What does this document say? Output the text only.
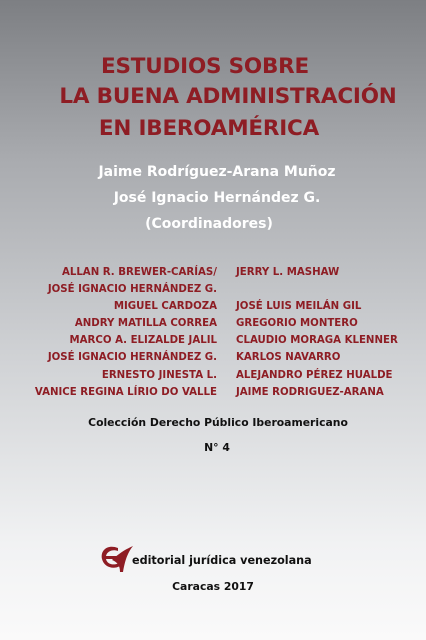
ESTUDIOS SOBRE
LA BUENA ADMINISTRACIÓN
EN IBEROAMÉRICA
Jaime Rodríguez-Arana Muñoz
José Ignacio Hernández G.
(Coordinadores)
ALLAN R. BREWER-CARÍAS/
JOSÉ IGNACIO HERNÁNDEZ G.
MIGUEL CARDOZA
ANDRY MATILLA CORREA
MARCO A. ELIZALDE JALIL
JOSÉ IGNACIO HERNÁNDEZ G.
ERNESTO JINESTA L.
VANICE REGINA LÍRIO DO VALLE
JERRY L. MASHAW
JOSÉ LUIS MEILÁN GIL
GREGORIO MONTERO
CLAUDIO MORAGA KLENNER
KARLOS NAVARRO
ALEJANDRO PÉREZ HUALDE
JAIME RODRIGUEZ-ARANA
Colección Derecho Público Iberoamericano
N° 4
editorial jurídica venezolana
Caracas 2017
